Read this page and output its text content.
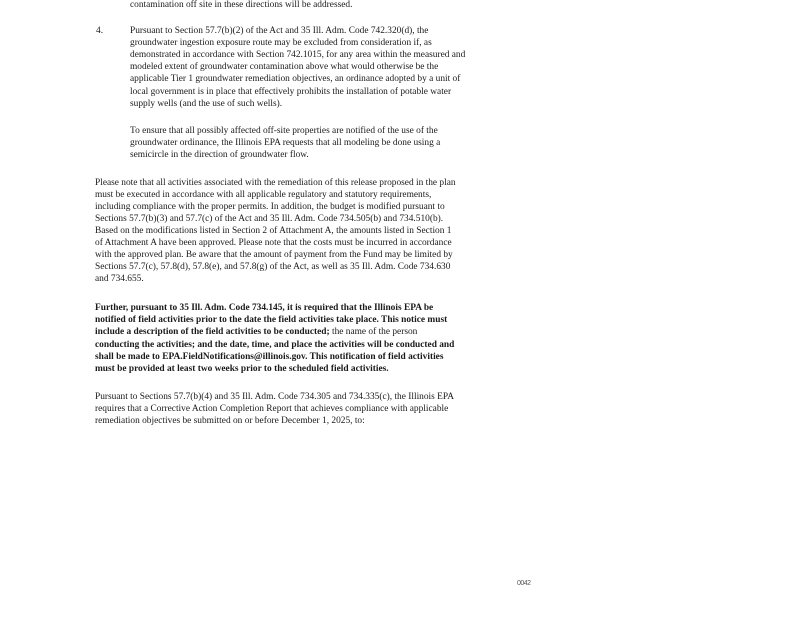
contamination off site in these directions will be addressed.
4.	Pursuant to Section 57.7(b)(2) of the Act and 35 Ill. Adm. Code 742.320(d), the
groundwater ingestion exposure route may be excluded from consideration if, as
demonstrated in accordance with Section 742.1015, for any area within the measured and
modeled extent of groundwater contamination above what would otherwise be the
applicable Tier 1 groundwater remediation objectives, an ordinance adopted by a unit of
local government is in place that effectively prohibits the installation of potable water
supply wells (and the use of such wells).
To ensure that all possibly affected off-site properties are notified of the use of the
groundwater ordinance, the Illinois EPA requests that all modeling be done using a
semicircle in the direction of groundwater flow.
Please note that all activities associated with the remediation of this release proposed in the plan
must be executed in accordance with all applicable regulatory and statutory requirements,
including compliance with the proper permits. In addition, the budget is modified pursuant to
Sections 57.7(b)(3) and 57.7(c) of the Act and 35 Ill. Adm. Code 734.505(b) and 734.510(b).
Based on the modifications listed in Section 2 of Attachment A, the amounts listed in Section 1
of Attachment A have been approved. Please note that the costs must be incurred in accordance
with the approved plan. Be aware that the amount of payment from the Fund may be limited by
Sections 57.7(c), 57.8(d), 57.8(e), and 57.8(g) of the Act, as well as 35 Ill. Adm. Code 734.630
and 734.655.
Further, pursuant to 35 Ill. Adm. Code 734.145, it is required that the Illinois EPA be
notified of field activities prior to the date the field activities take place. This notice must
include a description of the field activities to be conducted; the name of the person
conducting the activities; and the date, time, and place the activities will be conducted and
shall be made to EPA.FieldNotifications@illinois.gov. This notification of field activities
must be provided at least two weeks prior to the scheduled field activities.
Pursuant to Sections 57.7(b)(4) and 35 Ill. Adm. Code 734.305 and 734.335(c), the Illinois EPA
requires that a Corrective Action Completion Report that achieves compliance with applicable
remediation objectives be submitted on or before December 1, 2025, to:
0042
